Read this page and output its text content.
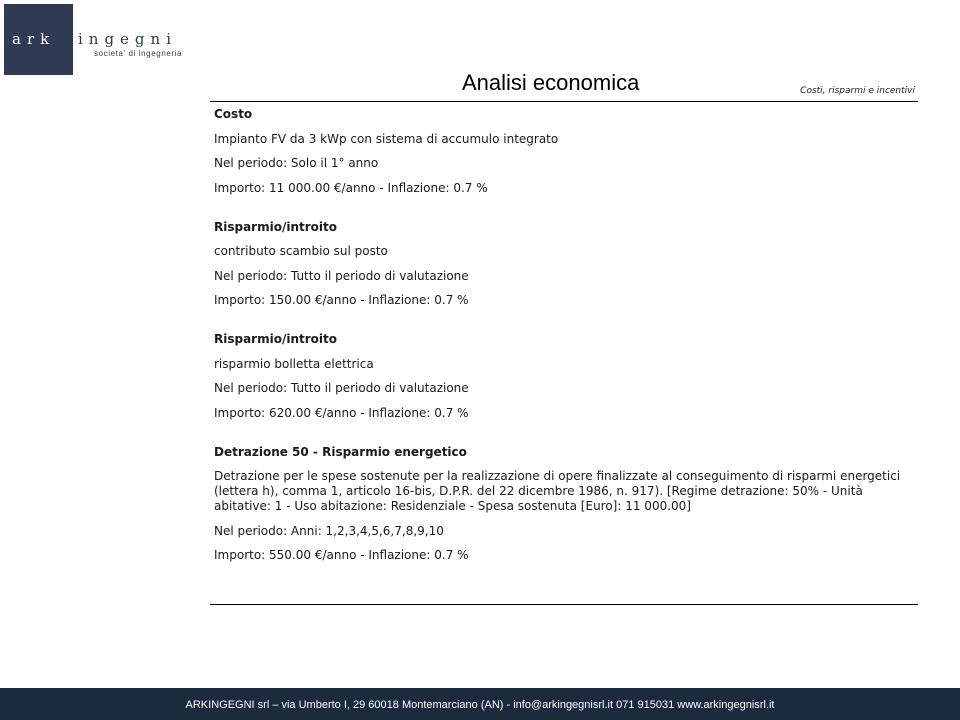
ark ingegni
societa' di ingegneria
Analisi economica	Costi, risparmi e incentivi
Costo
Impianto FV da 3 kWp con sistema di accumulo integrato
Nel periodo: Solo il 1° anno
Importo: 11 000.00 €/anno - Inflazione: 0.7 %
Risparmio/introito
contributo scambio sul posto
Nel periodo: Tutto il periodo di valutazione
Importo: 150.00 €/anno - Inflazione: 0.7 %
Risparmio/introito
risparmio bolletta elettrica
Nel periodo: Tutto il periodo di valutazione
Importo: 620.00 €/anno - Inflazione: 0.7 %
Detrazione 50 - Risparmio energetico
Detrazione per le spese sostenute per la realizzazione di opere finalizzate al conseguimento di risparmi energetici (lettera h), comma 1, articolo 16-bis, D.P.R. del 22 dicembre 1986, n. 917). [Regime detrazione: 50% - Unità abitative: 1 - Uso abitazione: Residenziale - Spesa sostenuta [Euro]: 11 000.00]
Nel periodo: Anni: 1,2,3,4,5,6,7,8,9,10
Importo: 550.00 €/anno - Inflazione: 0.7 %
ARKINGEGNI srl – via Umberto I, 29 60018 Montemarciano (AN) - info@arkingegnisrl.it 071 915031 www.arkingegnisrl.it
